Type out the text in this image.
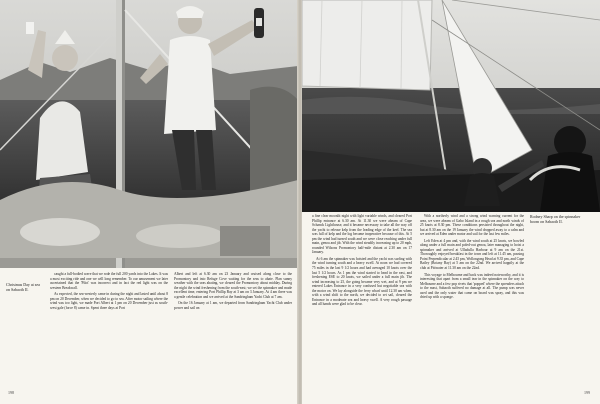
Christmas Day at sea on Sabaoth II.

caught a full-bodied wave that we rode the full 200 yards into the Lakes. It was a most exciting ride and one we will long remember. To our amusement we later ascertained that the 'Pilot' was incorrect and in fact the red light was on the western Breakwall.

As expected, the sea-westerly came in during the night and lasted until about 8 pm on 20 December, when we decided to go to sea. After motor sailing where the wind was too light, we made Port Albert at 1 pm on 20 December just as south-west gale (force 8) came in. Spent three days at Port

Albert and left at 6.30 am on 23 January and cruised along close to the Promontory and into Refuge Cove waiting for the seas to abate. Plan sunny weather with the seas abating, we cleared the Promontory about midday. During the night the wind freshening from the south-east; we set the spinnaker and made excellent time, entering Port Phillip Bay at 3 am on 3 January. At 4 am there was a gentle celebration and we arrived at the Sandringham Yacht Club at 7 am.

On the 16 January at 1 am, we departed from Sandringham Yacht Club under power and sail on

198

a fine clear moonlit night with light variable winds, and cleared Port Phillip entrance at 6.30 am. At 11.30 we were abeam of Cape Schanck Lighthouse, and it became necessary to take all the way off the yacht to release kelp from the leading edge of the keel. The sea was full of kelp and the log became inoperative because of this. At 5 pm the wind had turned south and we were close reaching under full main, genoa and jib. With the wind steadily increasing up to 20 mph, rounded Wilsons Promontory half-mile distant at 2.30 am on 17 January.

At 6 am the spinnaker was hoisted and the yacht was surfing with the wind turning south and a heavy swell. At noon we had covered 75 miles in the last 9 1/2 hours and had averaged 10 knots over the last 5 1/2 hours. As 1 pm the wind started to head in the east, and freshening ESE to 20 knots, we sailed under a full main jib. The wind increasing to 25, the going became very wet, and at 9 pm we entered Lakes Entrance in a very confused but negotiable sea with the motor on. We lay alongside the ferry wharf until 12.30 am when, with a wind shift to the north, we decided to set sail, cleared the Entrance in a moderate sea and heavy swell. A very rough passage and all hands were glad to be clear.

With a northerly wind and a strong wind warning current for the area, we were abeam of Gabo Island in a rough sea and north winds of 25 knots at 8.30 pm. These conditions persisted throughout the night, but at 8.30 am on the 19 January the wind dropped away to a calm and we arrived at Eden under motor and sail for the last few miles.

Left Eden at 4 pm and, with the wind south at 25 knots, we bowled along under a full main and poled-out genoa, later managing to hoist a spinnaker and arrived at Ulladulla Harbour at 9 am on the 21st. Thoroughly enjoyed breakfast in the town and left at 11.45 am, passing Point Perpendicular at 2.45 pm, Wollongong Head at 9.35 pm, and Cape Bailey (Botany Bay) at 5 am on the 22nd. We arrived happily at the club at Pittwater at 11.30 am on the 22nd.

This voyage to Melbourne and back was indeed noteworthy, and it is interesting that apart from a small tear in the spinnaker on the way to Melbourne and a few pop rivets that 'popped' where the spreaders attach to the mast, Sabaoth suffered no damage at all. The pump was never used and the only water that came on board was spray, and this was dried up with a sponge.

Rodney Sharp on the spinnaker boom on Sabaoth II.
199
